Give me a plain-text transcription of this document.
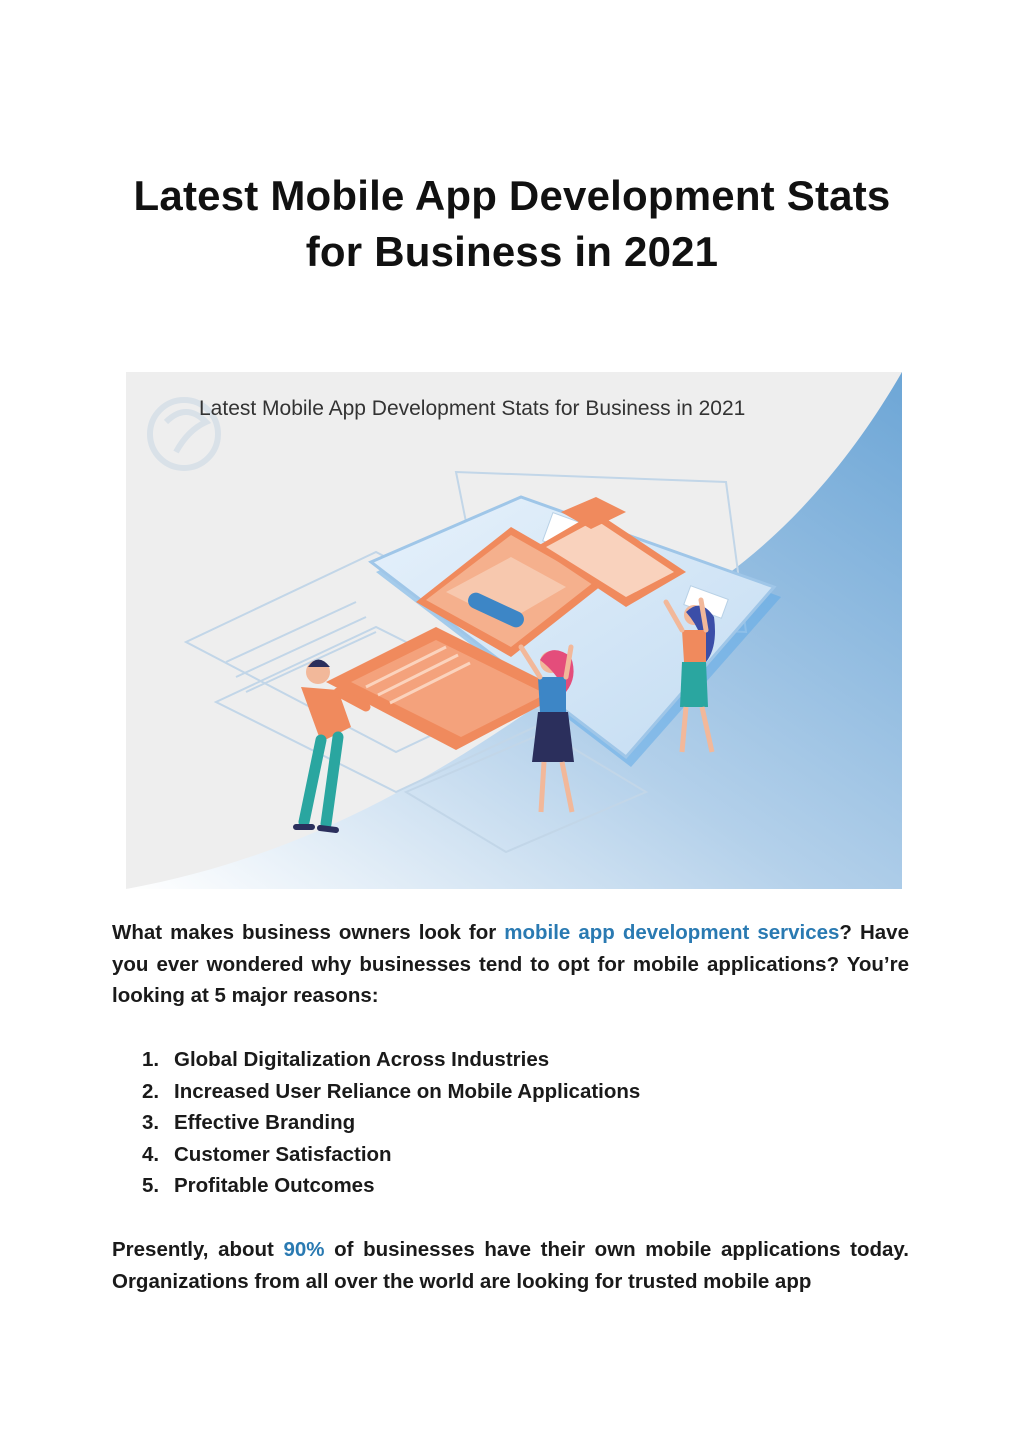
Latest Mobile App Development Stats
for Business in 2021
Latest Mobile App Development Stats for Business in 2021

What makes business owners look for mobile app development services? Have you ever wondered why businesses tend to opt for mobile applications? You’re looking at 5 major reasons:

1. Global Digitalization Across Industries
2. Increased User Reliance on Mobile Applications
3. Effective Branding
4. Customer Satisfaction
5. Profitable Outcomes

Presently, about 90% of businesses have their own mobile applications today. Organizations from all over the world are looking for trusted mobile app
